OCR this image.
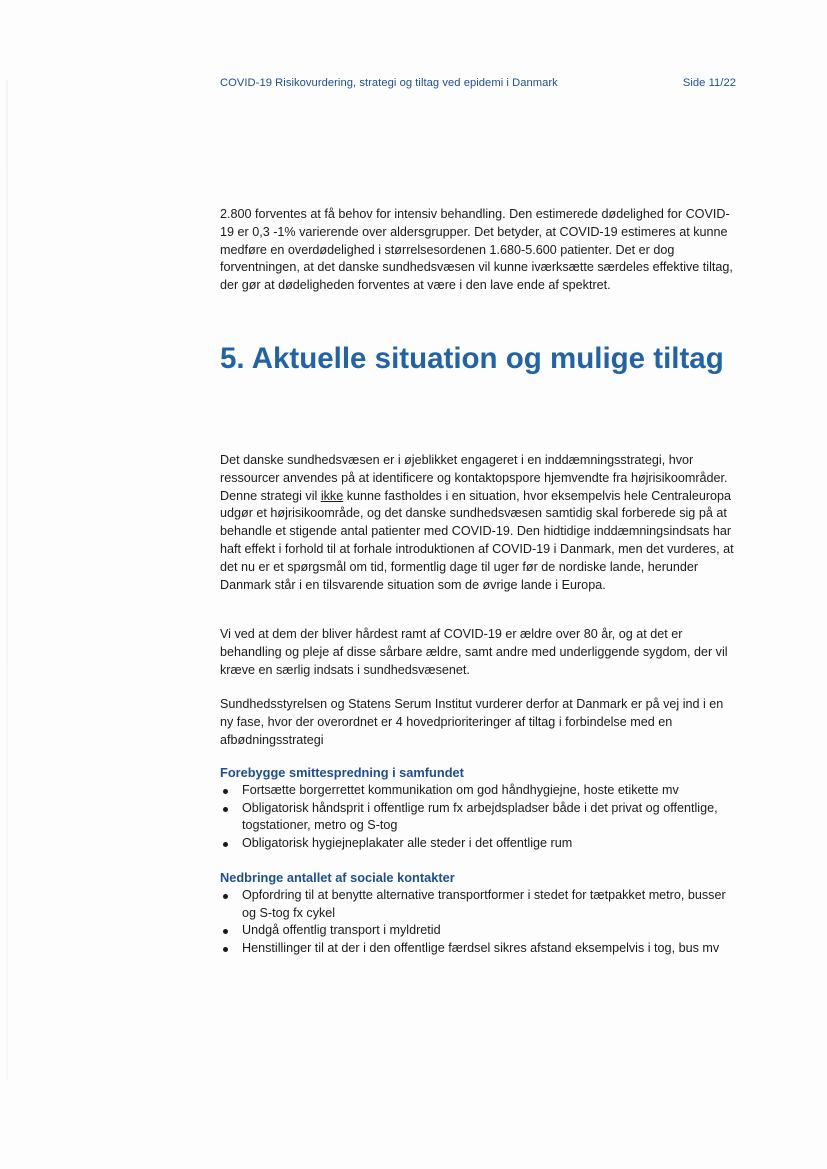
COVID-19 Risikovurdering, strategi og tiltag ved epidemi i Danmark	Side 11/22

2.800 forventes at få behov for intensiv behandling. Den estimerede dødelighed for COVID-19 er 0,3 -1% varierende over aldersgrupper. Det betyder, at COVID-19 estimeres at kunne medføre en overdødelighed i størrelsesordenen 1.680-5.600 patienter. Det er dog forventningen, at det danske sundhedsvæsen vil kunne iværksætte særdeles effektive tiltag, der gør at dødeligheden forventes at være i den lave ende af spektret.

5. Aktuelle situation og mulige tiltag

Det danske sundhedsvæsen er i øjeblikket engageret i en inddæmningsstrategi, hvor ressourcer anvendes på at identificere og kontaktopspore hjemvendte fra højrisikoområder. Denne strategi vil ikke kunne fastholdes i en situation, hvor eksempelvis hele Centraleuropa udgør et højrisikoområde, og det danske sundhedsvæsen samtidig skal forberede sig på at behandle et stigende antal patienter med COVID-19. Den hidtidige inddæmningsindsats har haft effekt i forhold til at forhale introduktionen af COVID-19 i Danmark, men det vurderes, at det nu er et spørgsmål om tid, formentlig dage til uger før de nordiske lande, herunder Danmark står i en tilsvarende situation som de øvrige lande i Europa.

Vi ved at dem der bliver hårdest ramt af COVID-19 er ældre over 80 år, og at det er behandling og pleje af disse sårbare ældre, samt andre med underliggende sygdom, der vil kræve en særlig indsats i sundhedsvæsenet.

Sundhedsstyrelsen og Statens Serum Institut vurderer derfor at Danmark er på vej ind i en ny fase, hvor der overordnet er 4 hovedprioriteringer af tiltag i forbindelse med en afbødningsstrategi

Forebygge smittespredning i samfundet
Fortsætte borgerrettet kommunikation om god håndhygiejne, hoste etikette mv
Obligatorisk håndsprit i offentlige rum fx arbejdspladser både i det privat og offentlige, togstationer, metro og S-tog
Obligatorisk hygiejneplakater alle steder i det offentlige rum
Nedbringe antallet af sociale kontakter
Opfordring til at benytte alternative transportformer i stedet for tætpakket metro, busser og S-tog fx cykel
Undgå offentlig transport i myldretid
Henstillinger til at der i den offentlige færdsel sikres afstand eksempelvis i tog, bus mv
